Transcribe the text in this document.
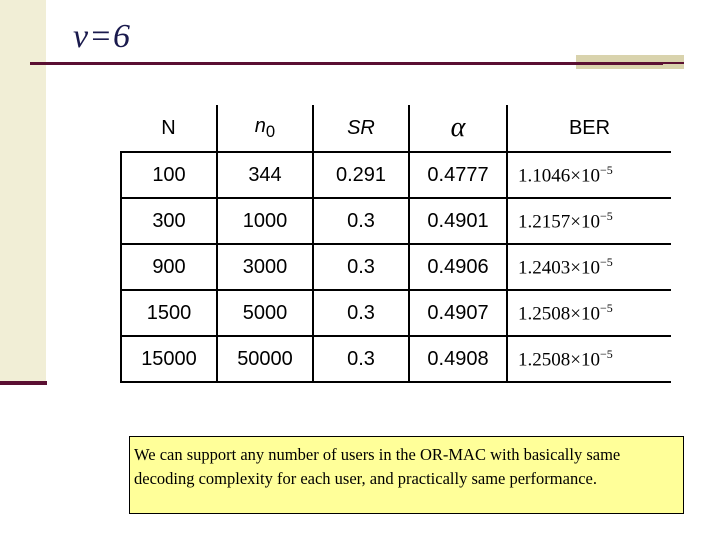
v=6
N	$n_0$	SR	α	BER
100	344	0.291	0.4777	$1.1046\times 10^{-5}$
300	1000	0.3	0.4901	$1.2157\times 10^{-5}$
900	3000	0.3	0.4906	$1.2403\times 10^{-5}$
1500	5000	0.3	0.4907	$1.2508\times 10^{-5}$
15000	50000	0.3	0.4908	$1.2508\times 10^{-5}$
We can support any number of users in the OR-MAC with basically same decoding complexity for each user, and practically same performance.
